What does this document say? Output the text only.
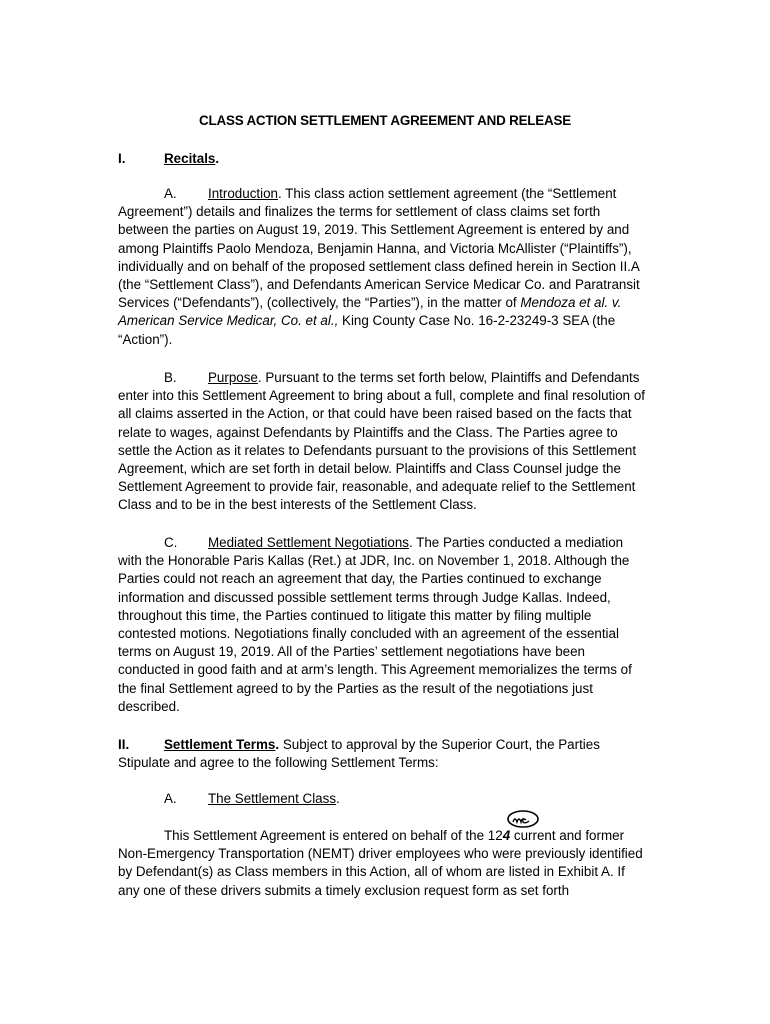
CLASS ACTION SETTLEMENT AGREEMENT AND RELEASE
I.	Recitals.
A. Introduction. This class action settlement agreement (the “Settlement Agreement”) details and finalizes the terms for settlement of class claims set forth between the parties on August 19, 2019. This Settlement Agreement is entered by and among Plaintiffs Paolo Mendoza, Benjamin Hanna, and Victoria McAllister (“Plaintiffs”), individually and on behalf of the proposed settlement class defined herein in Section II.A (the “Settlement Class”), and Defendants American Service Medicar Co. and Paratransit Services (“Defendants”), (collectively, the “Parties”), in the matter of Mendoza et al. v. American Service Medicar, Co. et al., King County Case No. 16-2-23249-3 SEA (the “Action”).
B. Purpose. Pursuant to the terms set forth below, Plaintiffs and Defendants enter into this Settlement Agreement to bring about a full, complete and final resolution of all claims asserted in the Action, or that could have been raised based on the facts that relate to wages, against Defendants by Plaintiffs and the Class. The Parties agree to settle the Action as it relates to Defendants pursuant to the provisions of this Settlement Agreement, which are set forth in detail below. Plaintiffs and Class Counsel judge the Settlement Agreement to provide fair, reasonable, and adequate relief to the Settlement Class and to be in the best interests of the Settlement Class.
C. Mediated Settlement Negotiations. The Parties conducted a mediation with the Honorable Paris Kallas (Ret.) at JDR, Inc. on November 1, 2018. Although the Parties could not reach an agreement that day, the Parties continued to exchange information and discussed possible settlement terms through Judge Kallas. Indeed, throughout this time, the Parties continued to litigate this matter by filing multiple contested motions. Negotiations finally concluded with an agreement of the essential terms on August 19, 2019. All of the Parties’ settlement negotiations have been conducted in good faith and at arm’s length. This Agreement memorializes the terms of the final Settlement agreed to by the Parties as the result of the negotiations just described.
II.	Settlement Terms. Subject to approval by the Superior Court, the Parties Stipulate and agree to the following Settlement Terms:
A. The Settlement Class.
This Settlement Agreement is entered on behalf of the 124 current and former Non-Emergency Transportation (NEMT) driver employees who were previously identified by Defendant(s) as Class members in this Action, all of whom are listed in Exhibit A. If any one of these drivers submits a timely exclusion request form as set forth
